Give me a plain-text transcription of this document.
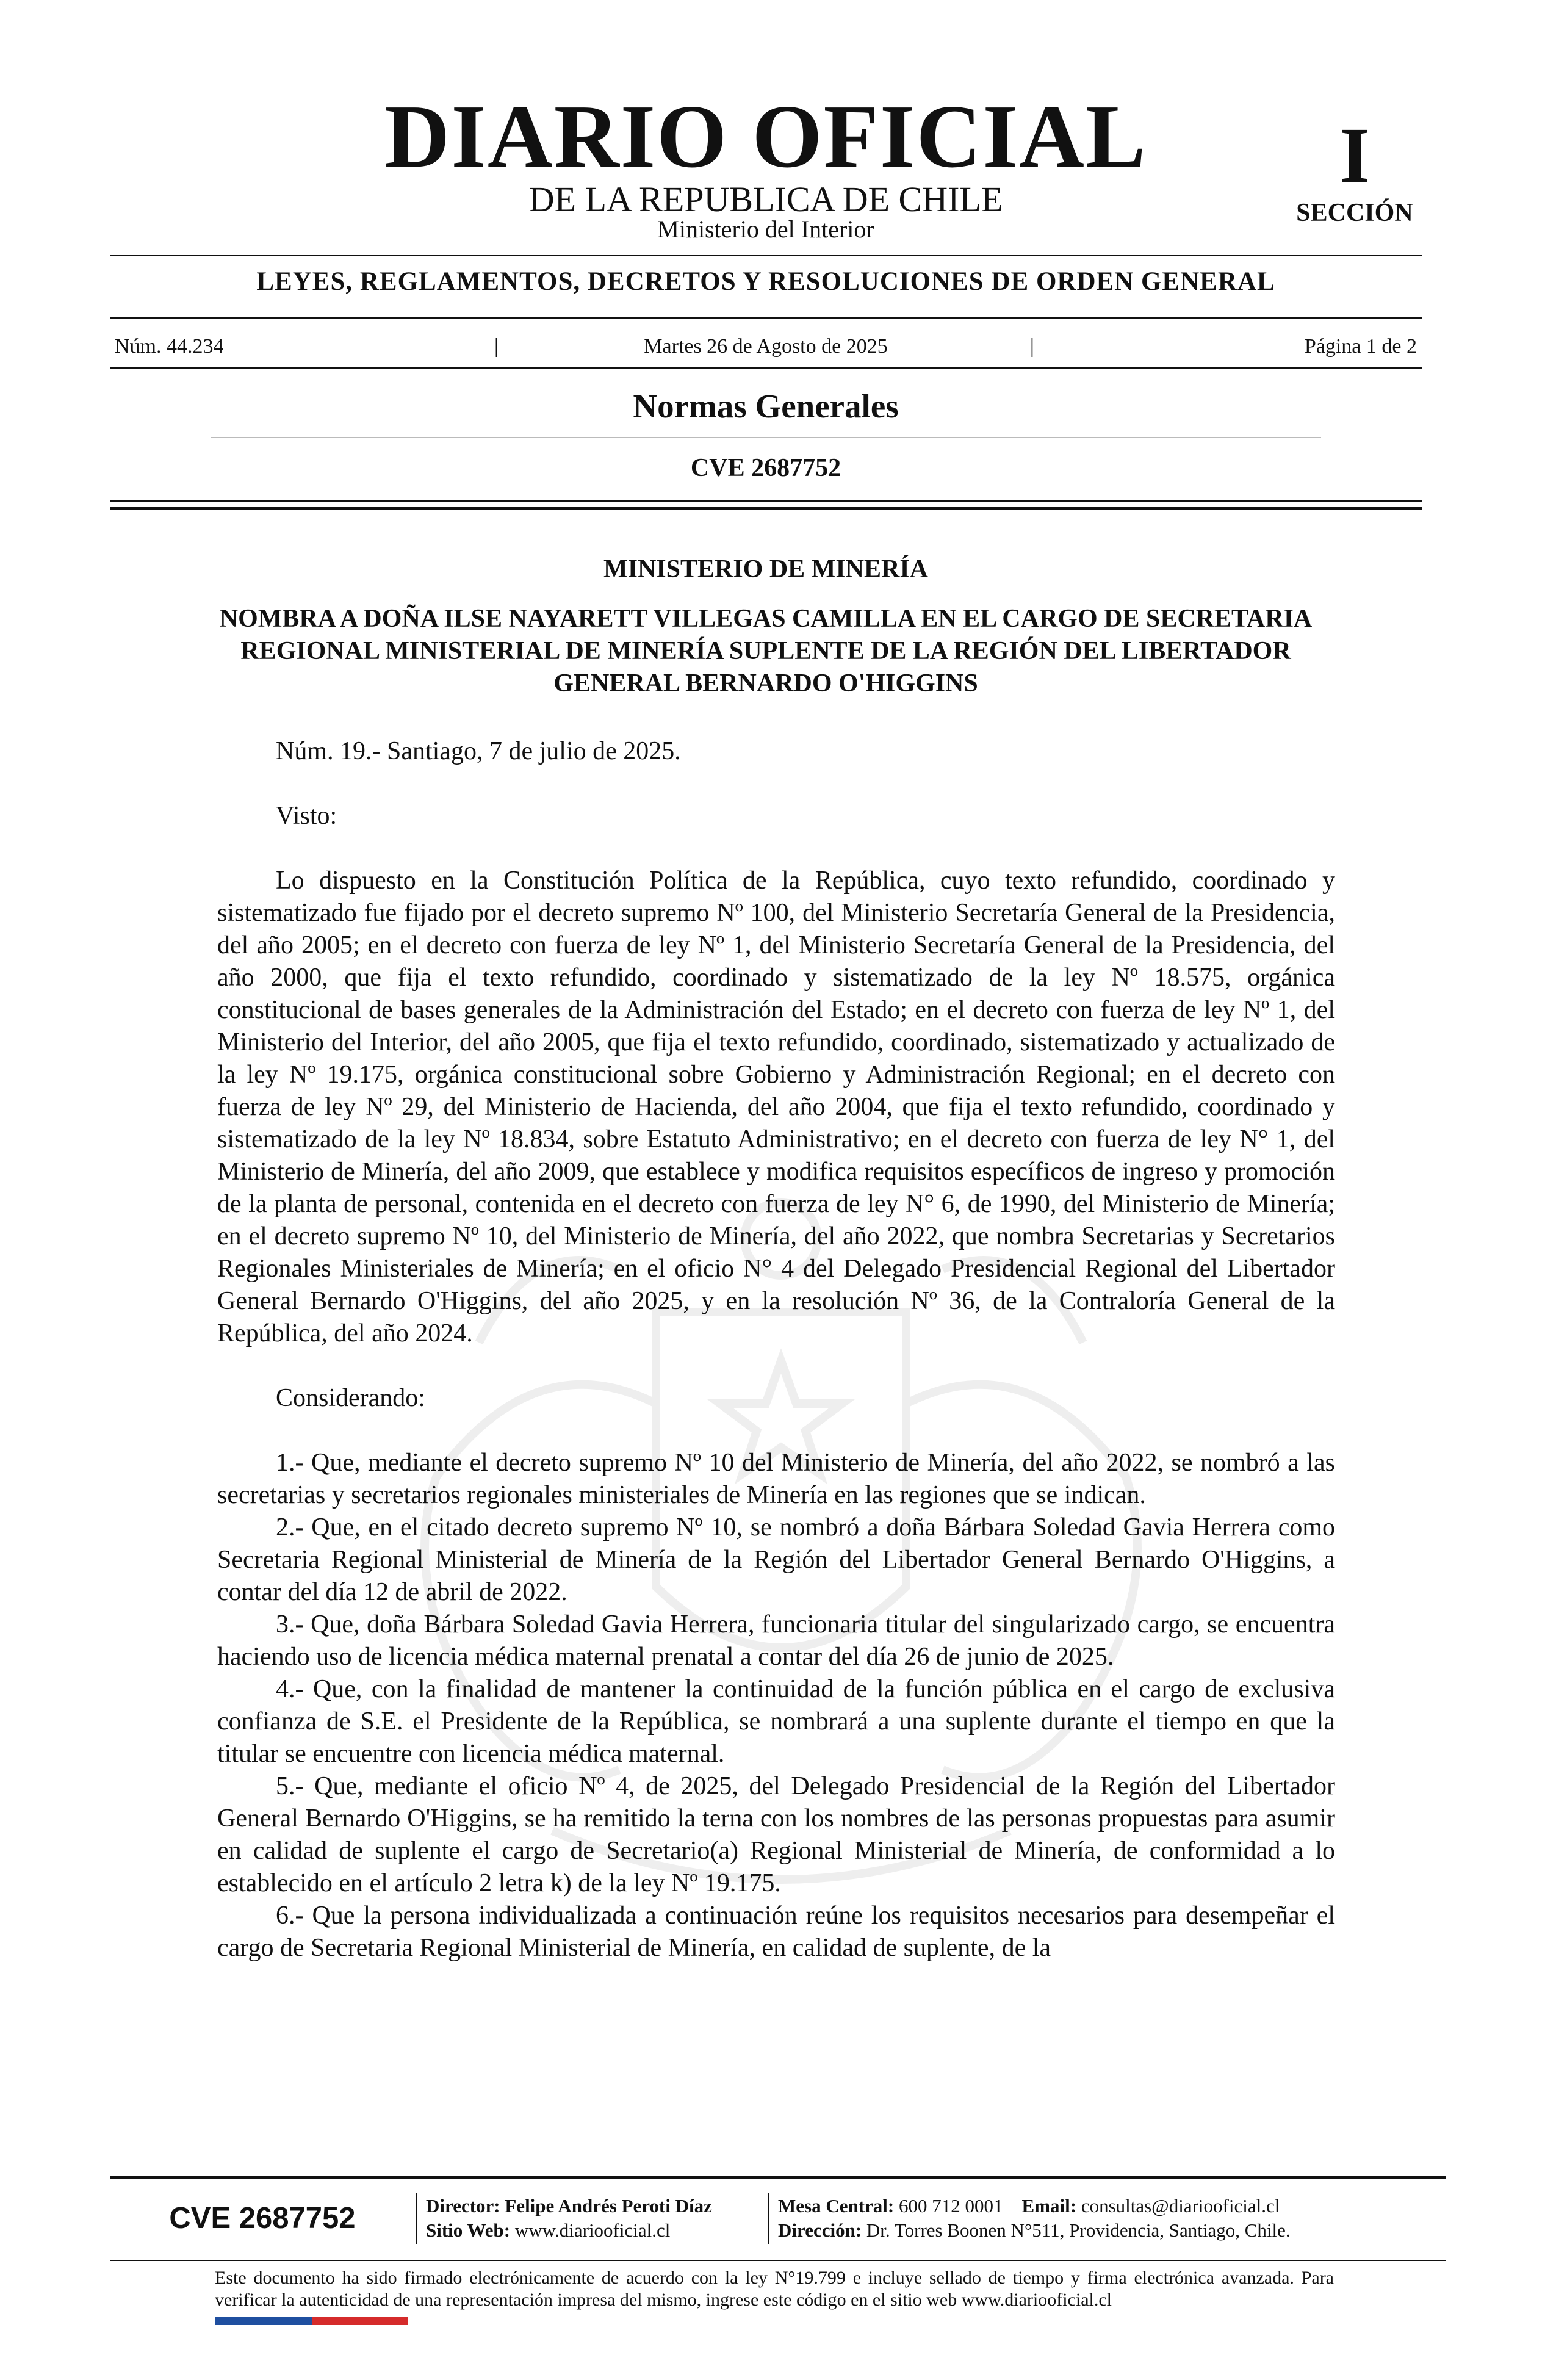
DIARIO OFICIAL
DE LA REPUBLICA DE CHILE
Ministerio del Interior
I
SECCIÓN
LEYES, REGLAMENTOS, DECRETOS Y RESOLUCIONES DE ORDEN GENERAL
Núm. 44.234	|	Martes 26 de Agosto de 2025	|	Página 1 de 2
Normas Generales
CVE 2687752
MINISTERIO DE MINERÍA
NOMBRA A DOÑA ILSE NAYARETT VILLEGAS CAMILLA EN EL CARGO DE SECRETARIA REGIONAL MINISTERIAL DE MINERÍA SUPLENTE DE LA REGIÓN DEL LIBERTADOR GENERAL BERNARDO O'HIGGINS

Núm. 19.- Santiago, 7 de julio de 2025.

Visto:

Lo dispuesto en la Constitución Política de la República, cuyo texto refundido, coordinado y sistematizado fue fijado por el decreto supremo Nº 100, del Ministerio Secretaría General de la Presidencia, del año 2005; en el decreto con fuerza de ley Nº 1, del Ministerio Secretaría General de la Presidencia, del año 2000, que fija el texto refundido, coordinado y sistematizado de la ley Nº 18.575, orgánica constitucional de bases generales de la Administración del Estado; en el decreto con fuerza de ley Nº 1, del Ministerio del Interior, del año 2005, que fija el texto refundido, coordinado, sistematizado y actualizado de la ley Nº 19.175, orgánica constitucional sobre Gobierno y Administración Regional; en el decreto con fuerza de ley Nº 29, del Ministerio de Hacienda, del año 2004, que fija el texto refundido, coordinado y sistematizado de la ley Nº 18.834, sobre Estatuto Administrativo; en el decreto con fuerza de ley N° 1, del Ministerio de Minería, del año 2009, que establece y modifica requisitos específicos de ingreso y promoción de la planta de personal, contenida en el decreto con fuerza de ley N° 6, de 1990, del Ministerio de Minería; en el decreto supremo Nº 10, del Ministerio de Minería, del año 2022, que nombra Secretarias y Secretarios Regionales Ministeriales de Minería; en el oficio N° 4 del Delegado Presidencial Regional del Libertador General Bernardo O'Higgins, del año 2025, y en la resolución Nº 36, de la Contraloría General de la República, del año 2024.

Considerando:

1.- Que, mediante el decreto supremo Nº 10 del Ministerio de Minería, del año 2022, se nombró a las secretarias y secretarios regionales ministeriales de Minería en las regiones que se indican.

2.- Que, en el citado decreto supremo Nº 10, se nombró a doña Bárbara Soledad Gavia Herrera como Secretaria Regional Ministerial de Minería de la Región del Libertador General Bernardo O'Higgins, a contar del día 12 de abril de 2022.

3.- Que, doña Bárbara Soledad Gavia Herrera, funcionaria titular del singularizado cargo, se encuentra haciendo uso de licencia médica maternal prenatal a contar del día 26 de junio de 2025.

4.- Que, con la finalidad de mantener la continuidad de la función pública en el cargo de exclusiva confianza de S.E. el Presidente de la República, se nombrará a una suplente durante el tiempo en que la titular se encuentre con licencia médica maternal.

5.- Que, mediante el oficio Nº 4, de 2025, del Delegado Presidencial de la Región del Libertador General Bernardo O'Higgins, se ha remitido la terna con los nombres de las personas propuestas para asumir en calidad de suplente el cargo de Secretario(a) Regional Ministerial de Minería, de conformidad a lo establecido en el artículo 2 letra k) de la ley Nº 19.175.

6.- Que la persona individualizada a continuación reúne los requisitos necesarios para desempeñar el cargo de Secretaria Regional Ministerial de Minería, en calidad de suplente, de la

CVE 2687752	Director: Felipe Andrés Peroti Díaz
Sitio Web: www.diariooficial.cl
Mesa Central: 600 712 0001 Email: consultas@diariooficial.cl
Dirección: Dr. Torres Boonen N°511, Providencia, Santiago, Chile.
Este documento ha sido firmado electrónicamente de acuerdo con la ley N°19.799 e incluye sellado de tiempo y firma electrónica avanzada. Para verificar la autenticidad de una representación impresa del mismo, ingrese este código en el sitio web www.diariooficial.cl
